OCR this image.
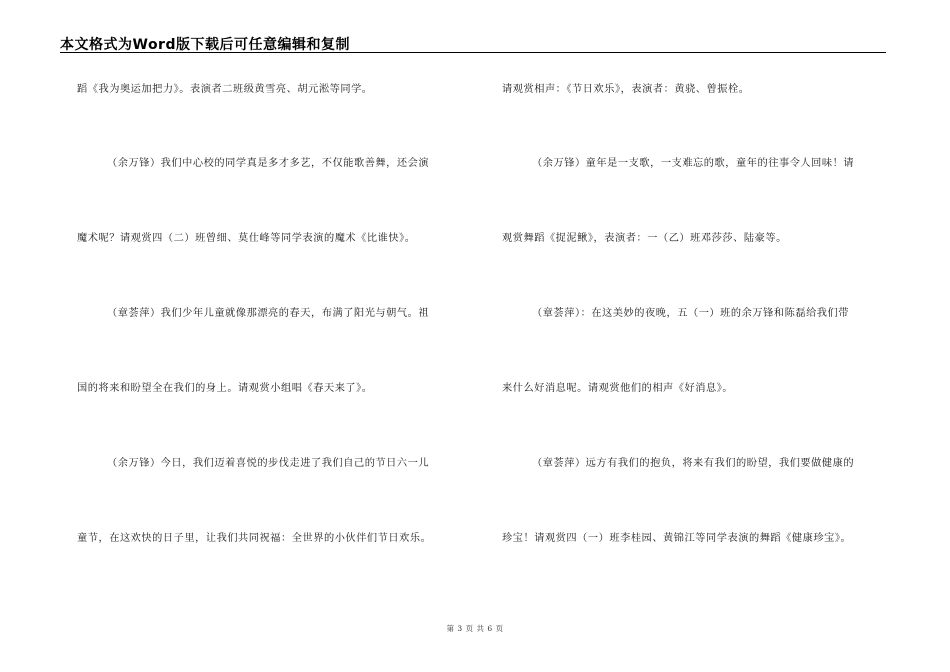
本文格式为Word版下载后可任意编辑和复制
蹈《我为奥运加把力》。表演者二班级黄雪亮、胡元淞等同学。
（余万锋）我们中心校的同学真是多才多艺，不仅能歌善舞，还会演
魔术呢？请观赏四（二）班曾细、莫仕峰等同学表演的魔术《比谁快》。
（章荟萍）我们少年儿童就像那漂亮的春天，布满了阳光与朝气。祖
国的将来和盼望全在我们的身上。请观赏小组唱《春天来了》。
（余万锋）今日，我们迈着喜悦的步伐走进了我们自己的节日六一儿
童节，在这欢快的日子里，让我们共同祝福：全世界的小伙伴们节日欢乐。
请观赏相声：《节日欢乐》，表演者：黄骁、曾振栓。
（余万锋）童年是一支歌，一支难忘的歌，童年的往事令人回味！请
观赏舞蹈《捉泥鳅》，表演者：一（乙）班邓莎莎、陆豪等。
（章荟萍）：在这美妙的夜晚，五（一）班的余万锋和陈磊给我们带
来什么好消息呢。请观赏他们的相声《好消息》。
（章荟萍）远方有我们的抱负，将来有我们的盼望，我们要做健康的
珍宝！请观赏四（一）班李桂园、黄锦江等同学表演的舞蹈《健康珍宝》。
第 3 页 共 6 页
